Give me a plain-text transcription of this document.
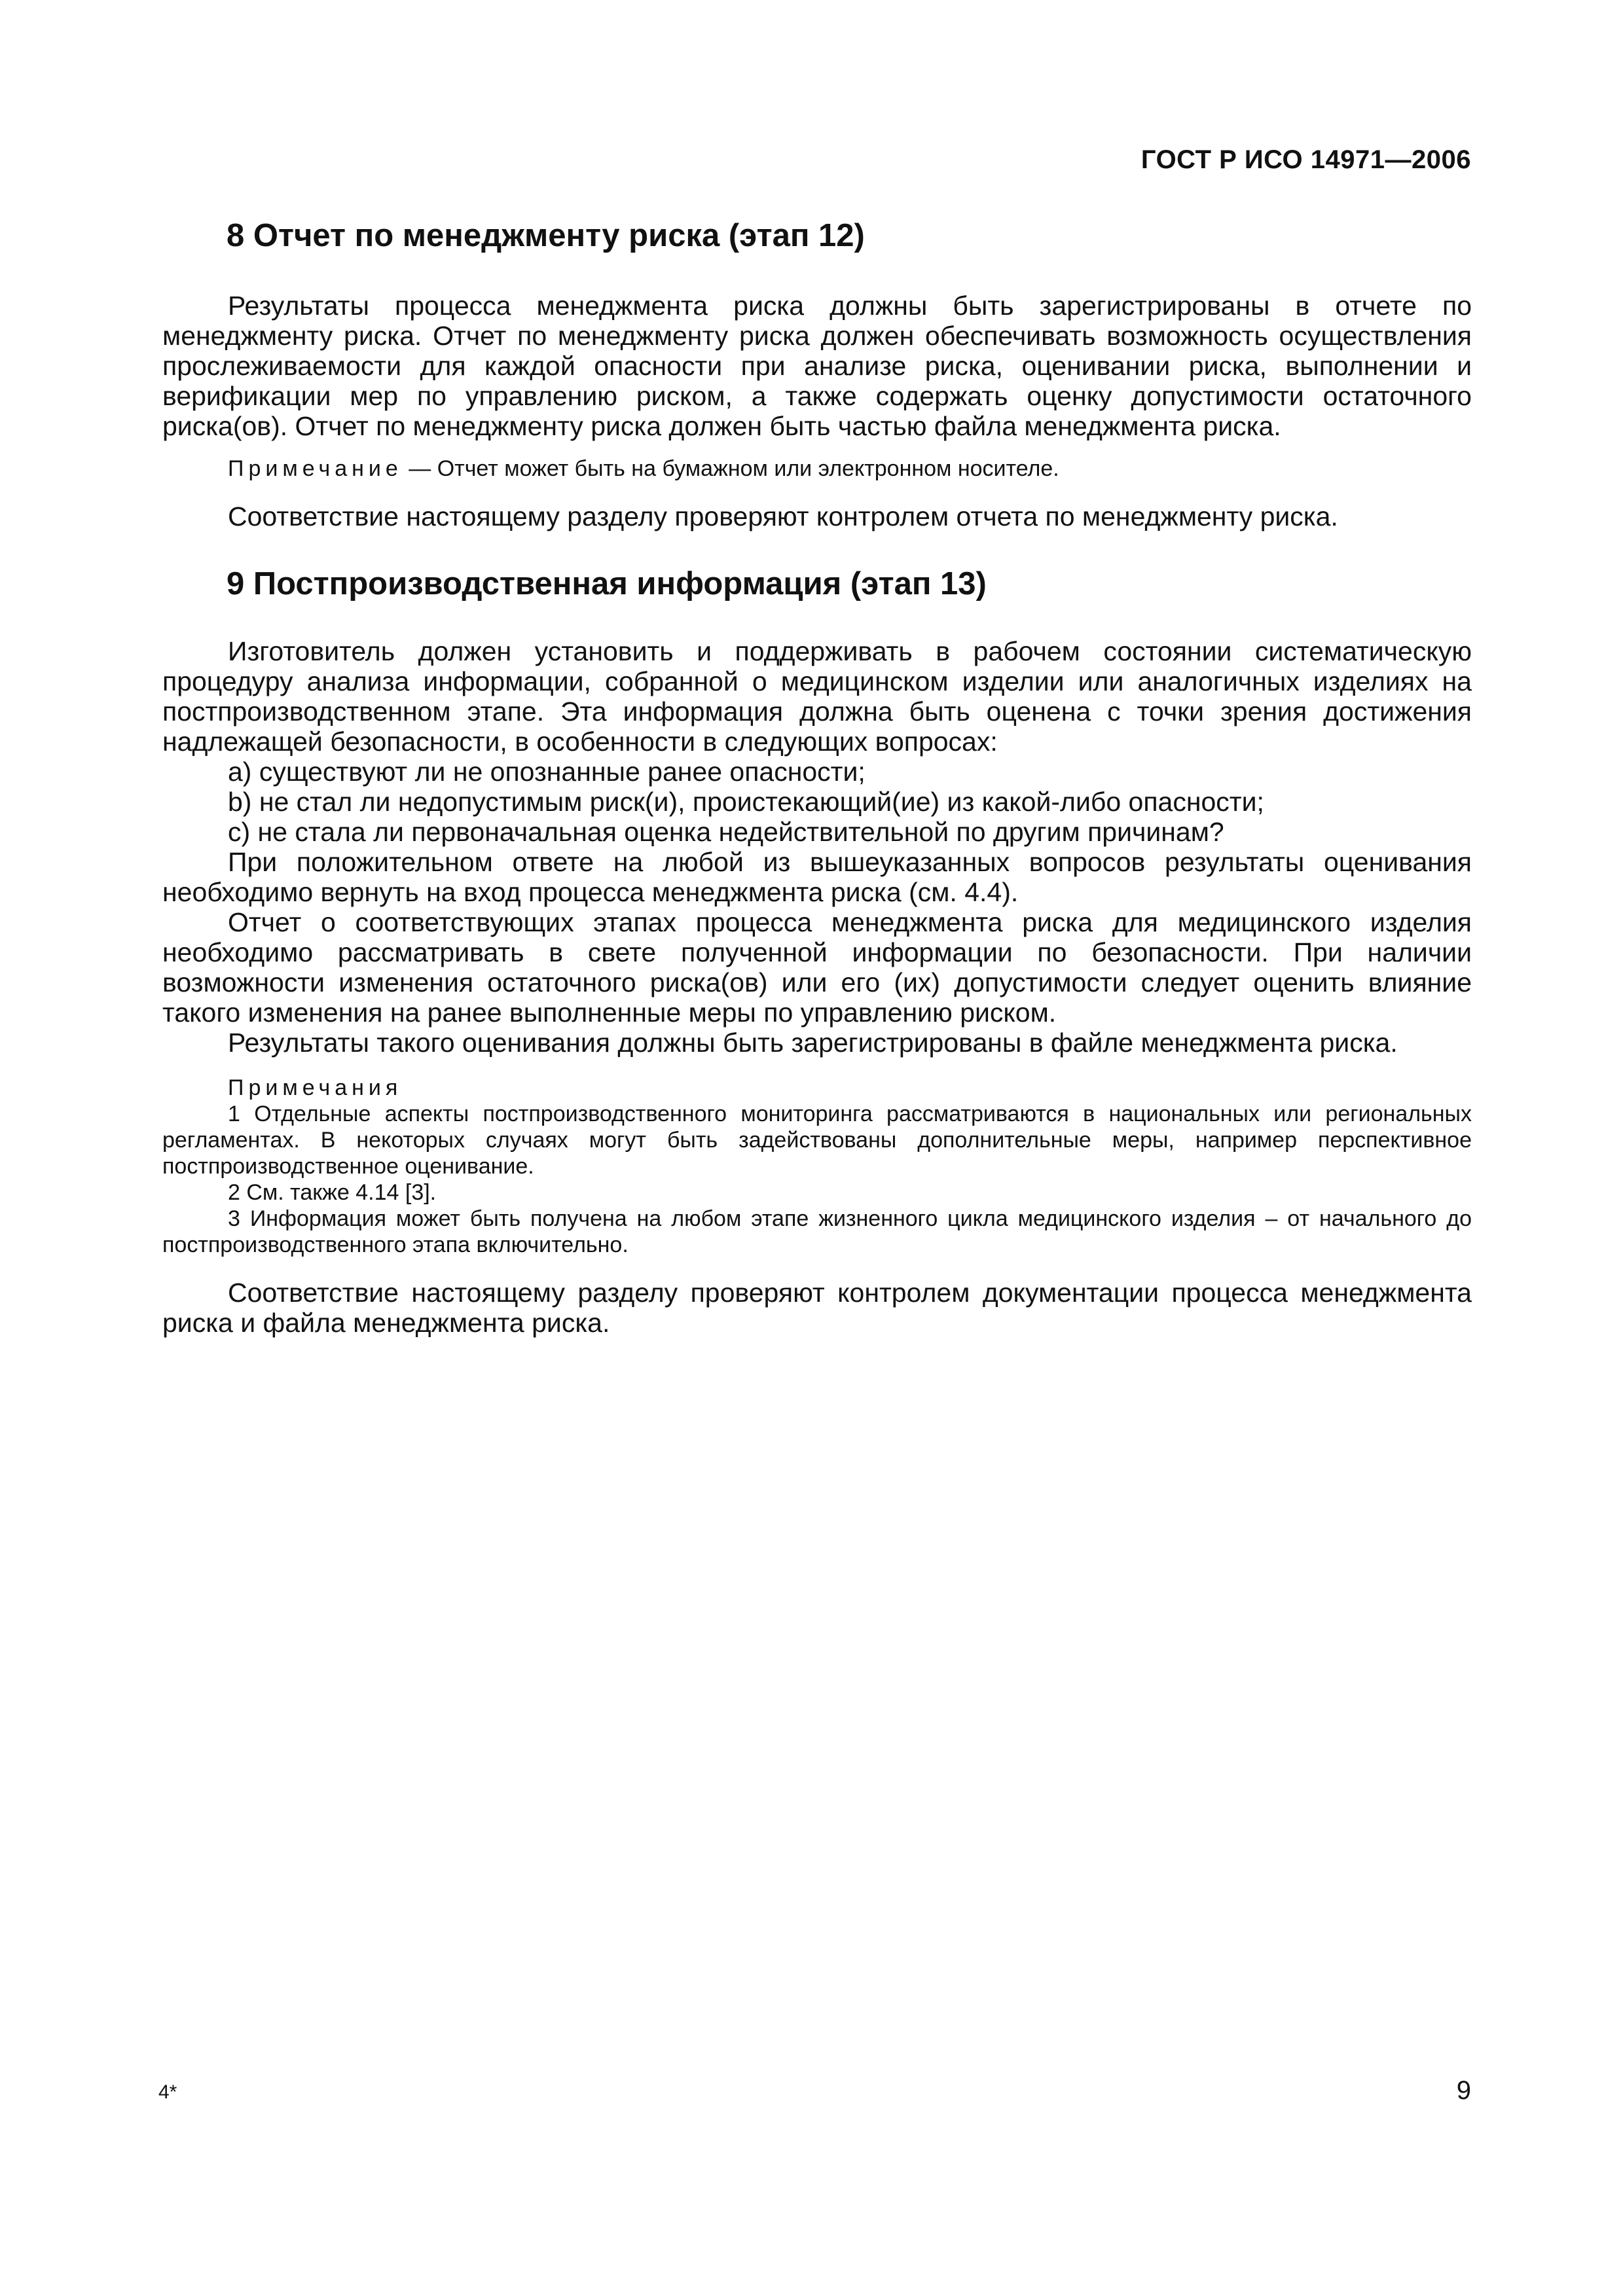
ГОСТ Р ИСО 14971—2006
8 Отчет по менеджменту риска (этап 12)

Результаты процесса менеджмента риска должны быть зарегистрированы в отчете по менеджменту риска. Отчет по менеджменту риска должен обеспечивать возможность осуществления прослеживаемости для каждой опасности при анализе риска, оценивании риска, выполнении и верификации мер по управлению риском, а также содержать оценку допустимости остаточного риска(ов). Отчет по менеджменту риска должен быть частью файла менеджмента риска.

Примечание — Отчет может быть на бумажном или электронном носителе.

Соответствие настоящему разделу проверяют контролем отчета по менеджменту риска.

9 Постпроизводственная информация (этап 13)

Изготовитель должен установить и поддерживать в рабочем состоянии систематическую процедуру анализа информации, собранной о медицинском изделии или аналогичных изделиях на постпроизводственном этапе. Эта информация должна быть оценена с точки зрения достижения надлежащей безопасности, в особенности в следующих вопросах:

a) существуют ли не опознанные ранее опасности;

b) не стал ли недопустимым риск(и), проистекающий(ие) из какой-либо опасности;

c) не стала ли первоначальная оценка недействительной по другим причинам?

При положительном ответе на любой из вышеуказанных вопросов результаты оценивания необходимо вернуть на вход процесса менеджмента риска (см. 4.4).

Отчет о соответствующих этапах процесса менеджмента риска для медицинского изделия необходимо рассматривать в свете полученной информации по безопасности. При наличии возможности изменения остаточного риска(ов) или его (их) допустимости следует оценить влияние такого изменения на ранее выполненные меры по управлению риском.

Результаты такого оценивания должны быть зарегистрированы в файле менеджмента риска.

Примечания

1 Отдельные аспекты постпроизводственного мониторинга рассматриваются в национальных или региональных регламентах. В некоторых случаях могут быть задействованы дополнительные меры, например перспективное постпроизводственное оценивание.

2 См. также 4.14 [3].

3 Информация может быть получена на любом этапе жизненного цикла медицинского изделия – от начального до постпроизводственного этапа включительно.

Соответствие настоящему разделу проверяют контролем документации процесса менеджмента риска и файла менеджмента риска.

4*	9
